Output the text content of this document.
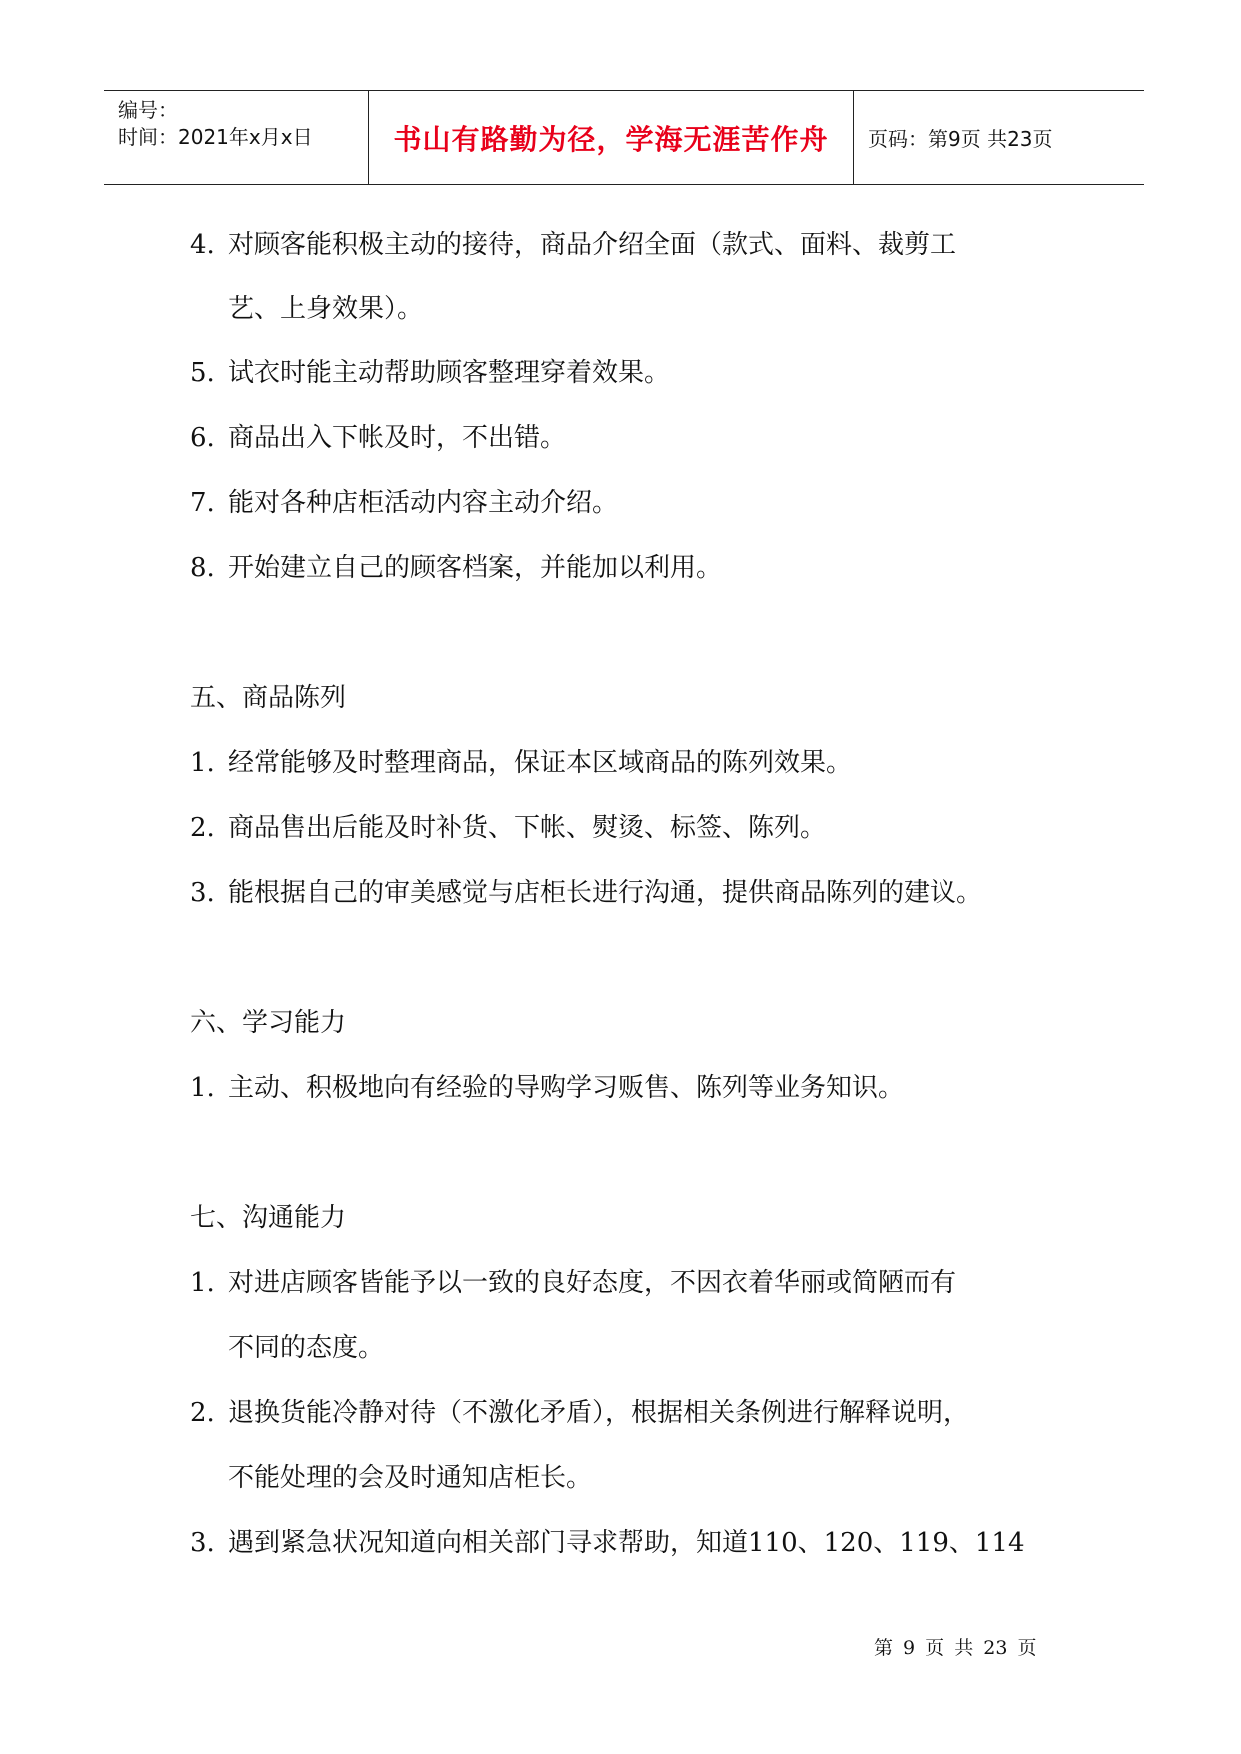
编号：
时间：2021年x月x日	书山有路勤为径，学海无涯苦作舟 页码：第9页 共23页
4. 对顾客能积极主动的接待，商品介绍全面（款式、面料、裁剪工
艺、上身效果）。
5. 试衣时能主动帮助顾客整理穿着效果。
6. 商品出入下帐及时，不出错。
7. 能对各种店柜活动内容主动介绍。
8. 开始建立自己的顾客档案，并能加以利用。
五、商品陈列
1. 经常能够及时整理商品，保证本区域商品的陈列效果。
2. 商品售出后能及时补货、下帐、熨烫、标签、陈列。
3. 能根据自己的审美感觉与店柜长进行沟通，提供商品陈列的建议。
六、学习能力
1. 主动、积极地向有经验的导购学习贩售、陈列等业务知识。
七、沟通能力
1. 对进店顾客皆能予以一致的良好态度，不因衣着华丽或简陋而有
不同的态度。
2. 退换货能冷静对待（不激化矛盾），根据相关条例进行解释说明，
不能处理的会及时通知店柜长。
3. 遇到紧急状况知道向相关部门寻求帮助，知道110、120、119、114
第 9 页 共 23 页
